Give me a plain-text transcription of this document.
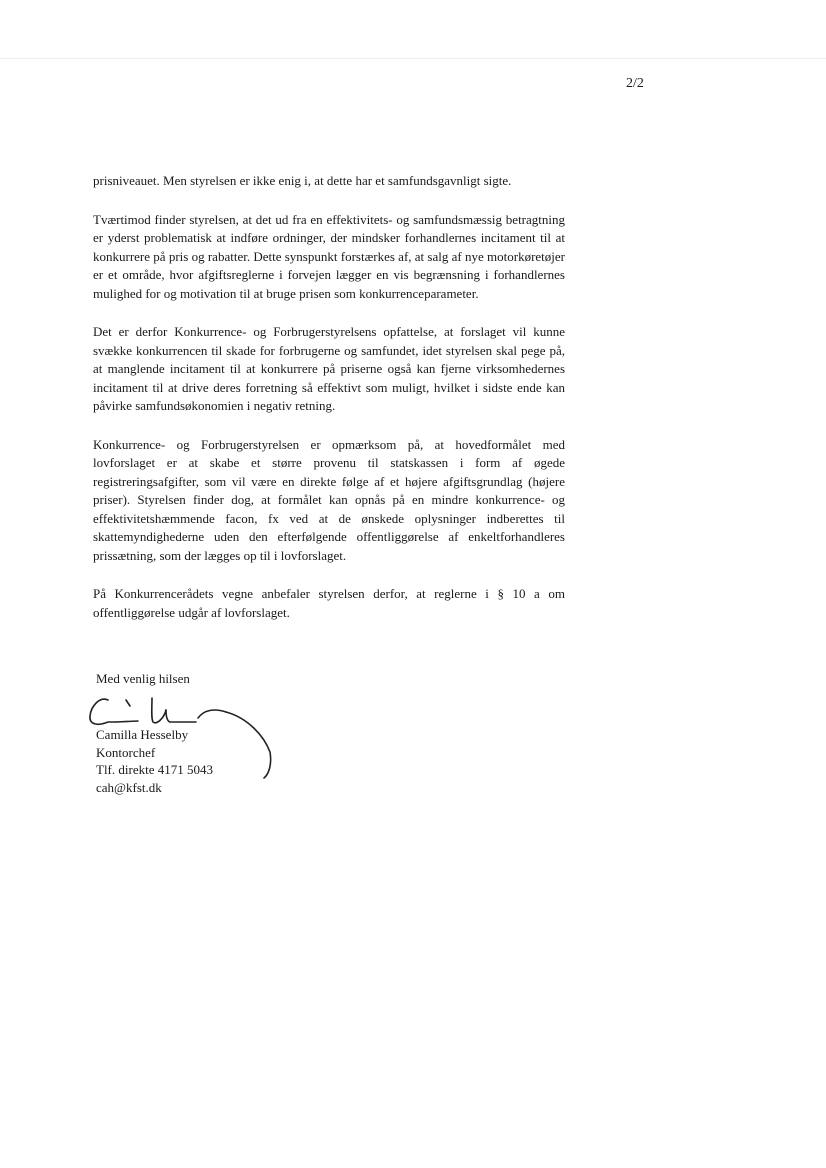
2/2

prisniveauet. Men styrelsen er ikke enig i, at dette har et samfundsgavnligt sigte.

Tværtimod finder styrelsen, at det ud fra en effektivitets- og samfundsmæssig betragtning er yderst problematisk at indføre ordninger, der mindsker forhandlernes incitament til at konkurrere på pris og rabatter. Dette synspunkt forstærkes af, at salg af nye motorkøretøjer er et område, hvor afgiftsreglerne i forvejen lægger en vis begrænsning i forhandlernes mulighed for og motivation til at bruge prisen som konkurrenceparameter.

Det er derfor Konkurrence- og Forbrugerstyrelsens opfattelse, at forslaget vil kunne svække konkurrencen til skade for forbrugerne og samfundet, idet styrelsen skal pege på, at manglende incitament til at konkurrere på priserne også kan fjerne virksomhedernes incitament til at drive deres forretning så effektivt som muligt, hvilket i sidste ende kan påvirke samfundsøkonomien i negativ retning.

Konkurrence- og Forbrugerstyrelsen er opmærksom på, at hovedformålet med lovforslaget er at skabe et større provenu til statskassen i form af øgede registreringsafgifter, som vil være en direkte følge af et højere afgiftsgrundlag (højere priser). Styrelsen finder dog, at formålet kan opnås på en mindre konkurrence- og effektivitetshæmmende facon, fx ved at de ønskede oplysninger indberettes til skattemyndighederne uden den efterfølgende offentliggørelse af enkeltforhandleres prissætning, som der lægges op til i lovforslaget.

På Konkurrencerådets vegne anbefaler styrelsen derfor, at reglerne i § 10 a om offentliggørelse udgår af lovforslaget.

Med venlig hilsen
Camilla Hesselby
Kontorchef
Tlf. direkte 4171 5043
cah@kfst.dk
